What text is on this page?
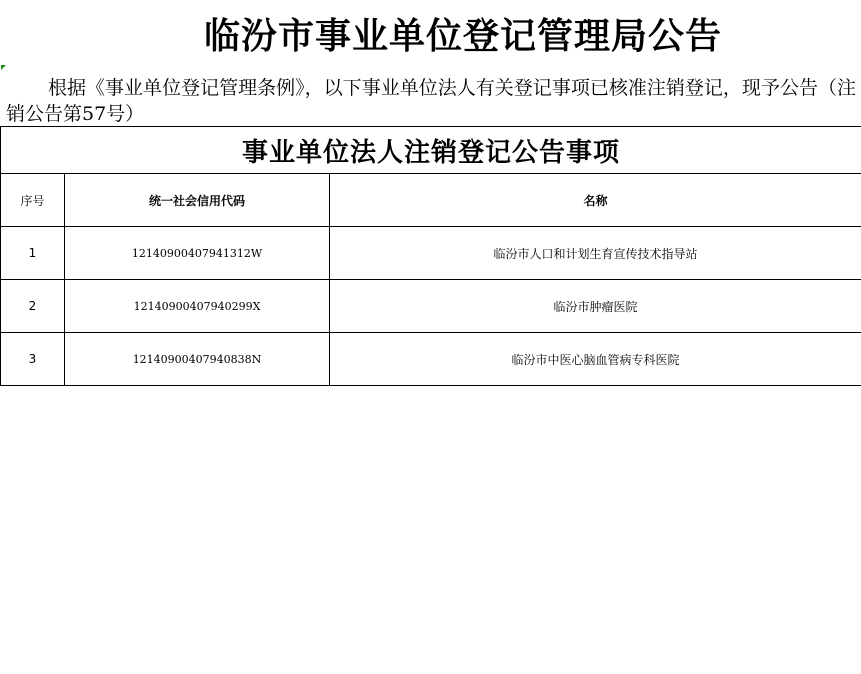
临汾市事业单位登记管理局公告
根据《事业单位登记管理条例》，以下事业单位法人有关登记事项已核准注销登记，现予公告（注销公告第57号）
事业单位法人注销登记公告事项		
序号	统一社会信用代码	名称
1	12140900407941312W	临汾市人口和计划生育宣传技术指导站
2	12140900407940299X	临汾市肿瘤医院
3	12140900407940838N	临汾市中医心脑血管病专科医院
